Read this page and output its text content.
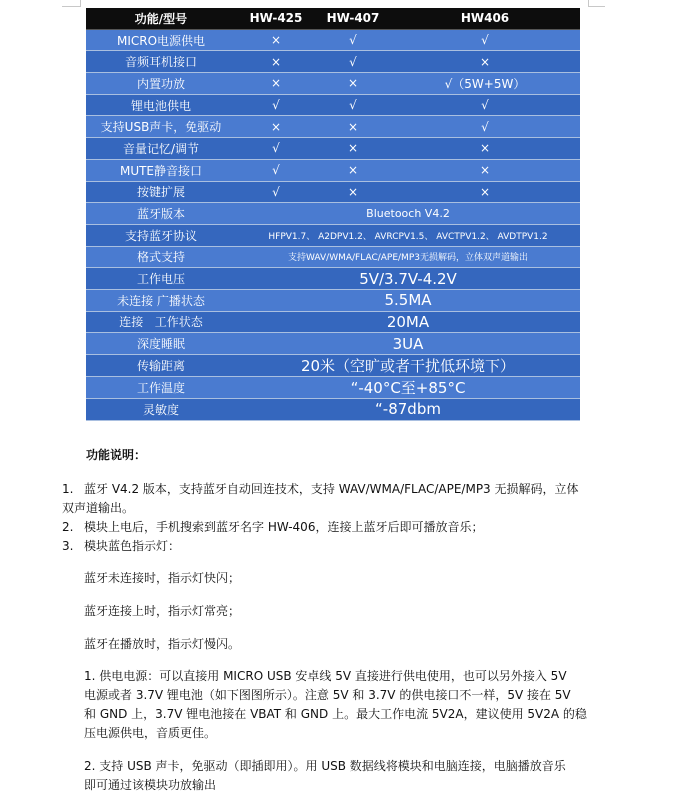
功能/型号	HW-425	HW-407	HW406
MICRO电源供电	×	√	√
音频耳机接口	×	√	×
内置功放	×	×	√（5W+5W）
锂电池供电	√	√	√
支持USB声卡，免驱动	×	×	√
音量记忆/调节	√	×	×
MUTE静音接口	√	×	×
按键扩展	√	×	×
蓝牙版本	Bluetooch V4.2		
支持蓝牙协议	HFPV1.7、 A2DPV1.2、 AVRCPV1.5、 AVCTPV1.2、 AVDTPV1.2		
格式支持	支持WAV/WMA/FLAC/APE/MP3无损解码，立体双声道输出		
工作电压	5V/3.7V-4.2V		
未连接 广播状态	5.5MA		
连接   工作状态	20MA		
深度睡眠	3UA		
传输距离	20米（空旷或者干扰低环境下）		
工作温度	“-40°C至+85°C		
灵敏度	“-87dbm		
功能说明：
1. 蓝牙 V4.2 版本，支持蓝牙自动回连技术，支持 WAV/WMA/FLAC/APE/MP3 无损解码，立体
双声道输出。
2. 模块上电后，手机搜索到蓝牙名字 HW-406，连接上蓝牙后即可播放音乐；
3. 模块蓝色指示灯：
蓝牙未连接时，指示灯快闪；
蓝牙连接上时，指示灯常亮；
蓝牙在播放时，指示灯慢闪。
1. 供电电源：可以直接用 MICRO USB 安卓线 5V 直接进行供电使用，也可以另外接入 5V
电源或者 3.7V 锂电池（如下图图所示）。注意 5V 和 3.7V 的供电接口不一样，5V 接在 5V
和 GND 上，3.7V 锂电池接在 VBAT 和 GND 上。最大工作电流 5V2A，建议使用 5V2A 的稳
压电源供电，音质更佳。
2. 支持 USB 声卡，免驱动（即插即用）。用 USB 数据线将模块和电脑连接，电脑播放音乐
即可通过该模块功放输出
